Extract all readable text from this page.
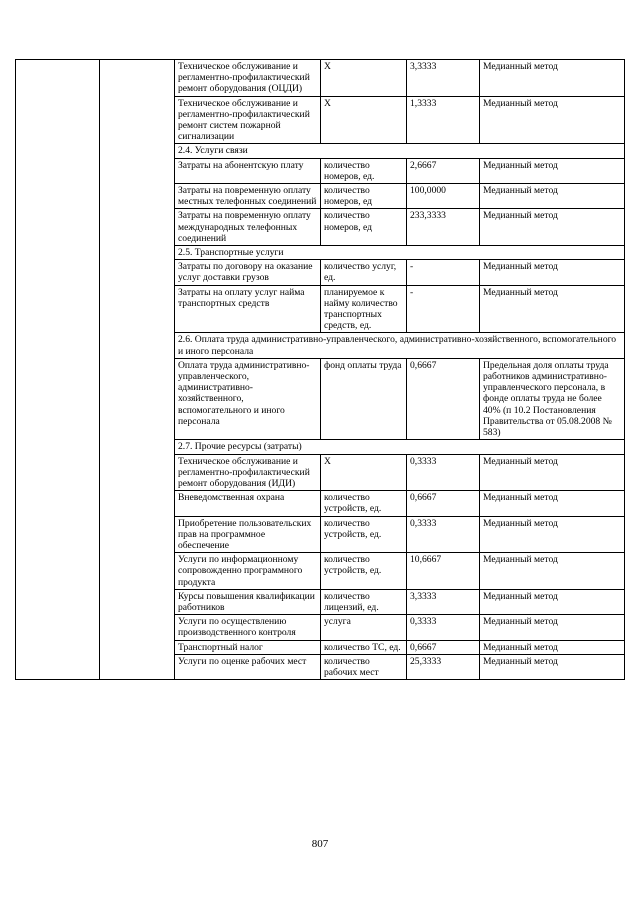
		Техническое обслуживание и регламентно-профилактический ремонт оборудования (ОЦДИ)	X	3,3333	Медианный метод
		Техническое обслуживание и регламентно-профилактический ремонт систем пожарной сигнализации	X	1,3333	Медианный метод
		2.4. Услуги связи			
		Затраты на абонентскую плату	количество номеров, ед.	2,6667	Медианный метод
		Затраты на повременную оплату местных телефонных соединений	количество номеров, ед	100,0000	Медианный метод
		Затраты на повременную оплату международных телефонных соединений	количество номеров, ед	233,3333	Медианный метод
		2.5. Транспортные услуги			
		Затраты по договору на оказание услуг доставки грузов	количество услуг, ед.	-	Медианный метод
		Затраты на оплату услуг найма транспортных средств	планируемое к найму количество транспортных средств, ед.	-	Медианный метод
		2.6. Оплата труда административно-управленческого, административно-хозяйственного, вспомогательного и иного персонала			
		Оплата труда административно-управленческого, административно-хозяйственного, вспомогательного и иного персонала	фонд оплаты труда	0,6667	Предельная доля оплаты труда работников административно-управленческого персонала, в фонде оплаты труда не более 40% (п 10.2 Постановления Правительства от 05.08.2008 № 583)
		2.7. Прочие ресурсы (затраты)			
		Техническое обслуживание и регламентно-профилактический ремонт оборудования (ИДИ)	X	0,3333	Медианный метод
		Вневедомственная охрана	количество устройств, ед.	0,6667	Медианный метод
		Приобретение пользовательских прав на программное обеспечение	количество устройств, ед.	0,3333	Медианный метод
		Услуги по информационному сопровожденно программного продукта	количество устройств, ед.	10,6667	Медианный метод
		Курсы повышения квалификации работников	количество лицензий, ед.	3,3333	Медианный метод
		Услуги по осуществлению производственного контроля	услуга	0,3333	Медианный метод
		Транспортный налог	количество ТС, ед.	0,6667	Медианный метод
		Услуги по оценке рабочих мест	количество рабочих мест	25,3333	Медианный метод
807
